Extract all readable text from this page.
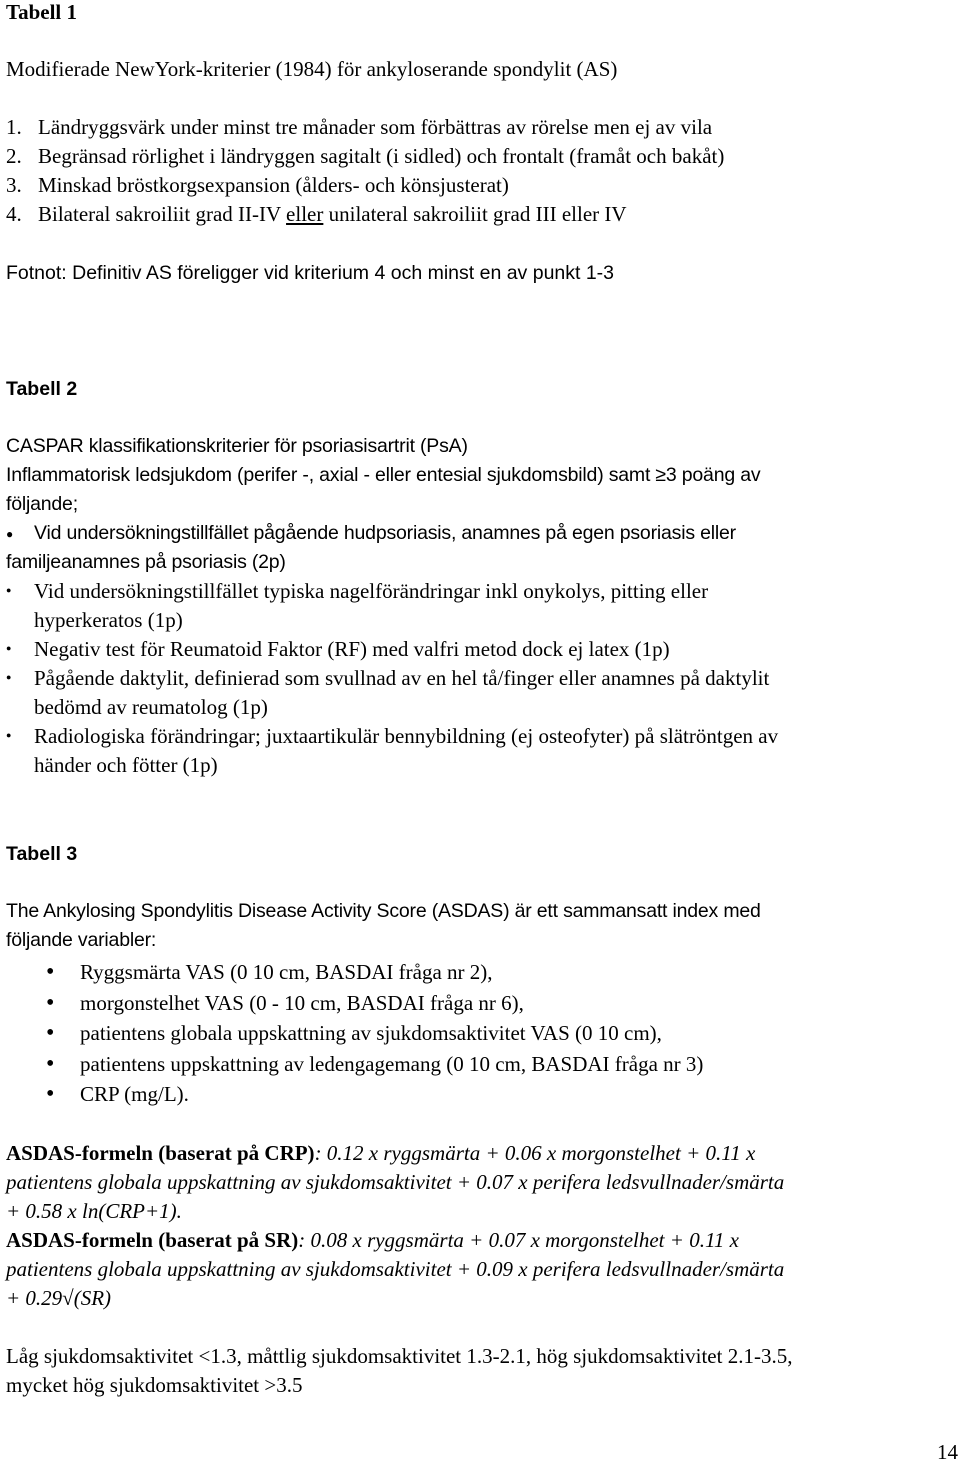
Tabell 1
Modifierade NewYork-kriterier (1984) för ankyloserande spondylit (AS)
1. Ländryggsvärk under minst tre månader som förbättras av rörelse men ej av vila
2. Begränsad rörlighet i ländryggen sagitalt (i sidled) och frontalt (framåt och bakåt)
3. Minskad bröstkorgsexpansion (ålders- och könsjusterat)
4. Bilateral sakroiliit grad II-IV eller unilateral sakroiliit grad III eller IV
Fotnot: Definitiv AS föreligger vid kriterium 4 och minst en av punkt 1-3
Tabell 2
CASPAR klassifikationskriterier för psoriasisartrit (PsA)
Inflammatorisk ledsjukdom (perifer -, axial - eller entesial sjukdomsbild) samt ≥3 poäng av
följande;
● Vid undersökningstillfället pågående hudpsoriasis, anamnes på egen psoriasis eller
familjeanamnes på psoriasis (2p)
● Vid undersökningstillfället typiska nagelförändringar inkl onykolys, pitting eller
hyperkeratos (1p)
● Negativ test för Reumatoid Faktor (RF) med valfri metod dock ej latex (1p)
● Pågående daktylit, definierad som svullnad av en hel tå/finger eller anamnes på daktylit
bedömd av reumatolog (1p)
● Radiologiska förändringar; juxtaartikulär bennybildning (ej osteofyter) på slätröntgen av
händer och fötter (1p)
Tabell 3
The Ankylosing Spondylitis Disease Activity Score (ASDAS) är ett sammansatt index med
följande variabler:
• Ryggsmärta VAS (0 10 cm, BASDAI fråga nr 2),
• morgonstelhet VAS (0 - 10 cm, BASDAI fråga nr 6),
• patientens globala uppskattning av sjukdomsaktivitet VAS (0 10 cm),
• patientens uppskattning av ledengagemang (0 10 cm, BASDAI fråga nr 3)
• CRP (mg/L).
ASDAS-formeln (baserat på CRP): 0.12 x ryggsmärta + 0.06 x morgonstelhet + 0.11 x
patientens globala uppskattning av sjukdomsaktivitet + 0.07 x perifera ledsvullnader/smärta
+ 0.58 x ln(CRP+1).
ASDAS-formeln (baserat på SR): 0.08 x ryggsmärta + 0.07 x morgonstelhet + 0.11 x
patientens globala uppskattning av sjukdomsaktivitet + 0.09 x perifera ledsvullnader/smärta
+ 0.29√(SR)
Låg sjukdomsaktivitet <1.3, måttlig sjukdomsaktivitet 1.3-2.1, hög sjukdomsaktivitet 2.1-3.5,
mycket hög sjukdomsaktivitet >3.5
14
